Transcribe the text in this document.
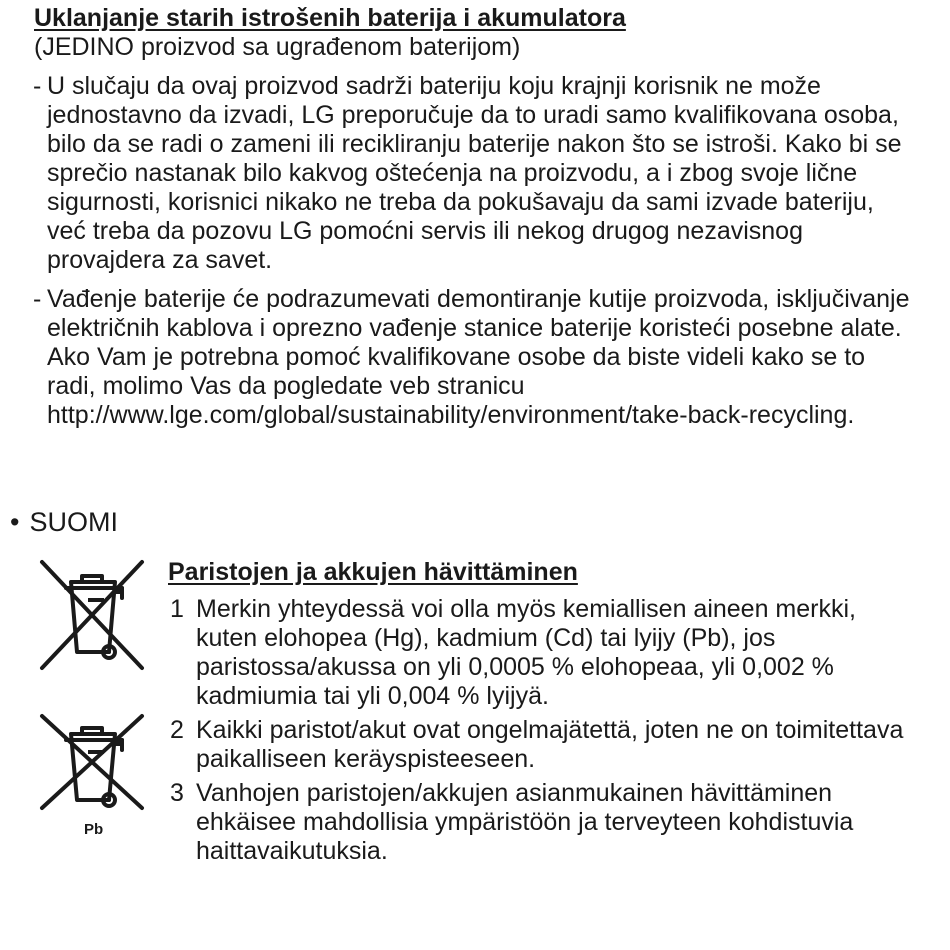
Uklanjanje starih istrošenih baterija i akumulatora

(JEDINO proizvod sa ugrađenom baterijom)

- U slučaju da ovaj proizvod sadrži bateriju koju krajnji korisnik ne može jednostavno da izvadi, LG preporučuje da to uradi samo kvalifikovana osoba, bilo da se radi o zameni ili recikliranju baterije nakon što se istroši. Kako bi se sprečio nastanak bilo kakvog oštećenja na proizvodu, a i zbog svoje lične sigurnosti, korisnici nikako ne treba da pokušavaju da sami izvade bateriju, već treba da pozovu LG pomoćni servis ili nekog drugog nezavisnog provajdera za savet.
- Vađenje baterije će podrazumevati demontiranje kutije proizvoda, isključivanje električnih kablova i oprezno vađenje stanice baterije koristeći posebne alate. Ako Vam je potrebna pomoć kvalifikovane osobe da biste videli kako se to radi, molimo Vas da pogledate veb stranicu http://www.lge.com/global/sustainability/environment/take-back-recycling.
• SUOMI
Pb

Paristojen ja akkujen hävittäminen

1 Merkin yhteydessä voi olla myös kemiallisen aineen merkki, kuten elohopea (Hg), kadmium (Cd) tai lyijy (Pb), jos paristossa/akussa on yli 0,0005 % elohopeaa, yli 0,002 % kadmiumia tai yli 0,004 % lyijyä.
2 Kaikki paristot/akut ovat ongelmajätettä, joten ne on toimitettava paikalliseen keräyspisteeseen.
3 Vanhojen paristojen/akkujen asianmukainen hävittäminen ehkäisee mahdollisia ympäristöön ja terveyteen kohdistuvia haittavaikutuksia.
